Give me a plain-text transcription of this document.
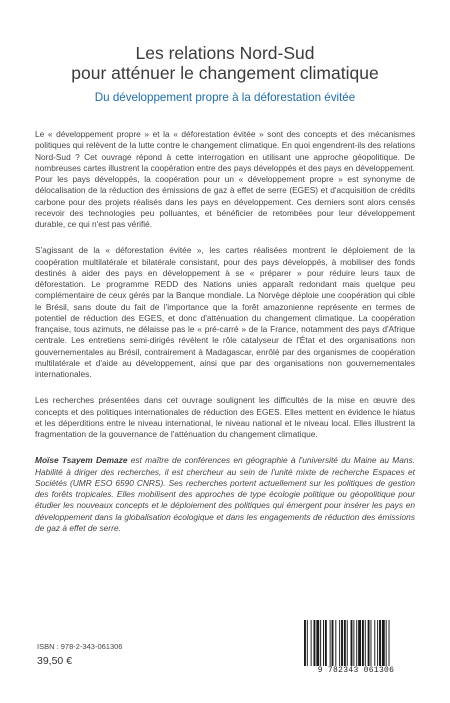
Les relations Nord-Sud
pour atténuer le changement climatique
Du développement propre à la déforestation évitée

Le « développement propre » et la « déforestation évitée » sont des concepts et des mécanismes politiques qui relèvent de la lutte contre le changement climatique. En quoi engendrent-ils des relations Nord-Sud ? Cet ouvrage répond à cette interrogation en utilisant une approche géopolitique. De nombreuses cartes illustrent la coopération entre des pays développés et des pays en développement. Pour les pays développés, la coopération pour un « développement propre » est synonyme de délocalisation de la réduction des émissions de gaz à effet de serre (EGES) et d'acquisition de crédits carbone pour des projets réalisés dans les pays en développement. Ces derniers sont alors censés recevoir des technologies peu polluantes, et bénéficier de retombées pour leur développement durable, ce qui n'est pas vérifié.

S'agissant de la « déforestation évitée », les cartes réalisées montrent le déploiement de la coopération multilatérale et bilatérale consistant, pour des pays développés, à mobiliser des fonds destinés à aider des pays en développement à se « préparer » pour réduire leurs taux de déforestation. Le programme REDD des Nations unies apparaît redondant mais quelque peu complémentaire de ceux gérés par la Banque mondiale. La Norvège déploie une coopération qui cible le Brésil, sans doute du fait de l'importance que la forêt amazonienne représente en termes de potentiel de réduction des EGES, et donc d'atténuation du changement climatique. La coopération française, tous azimuts, ne délaisse pas le « pré-carré » de la France, notamment des pays d'Afrique centrale. Les entretiens semi-dirigés révèlent le rôle catalyseur de l'État et des organisations non gouvernementales au Brésil, contrairement à Madagascar, enrôlé par des organismes de coopération multilatérale et d'aide au développement, ainsi que par des organisations non gouvernementales internationales.

Les recherches présentées dans cet ouvrage soulignent les difficultés de la mise en œuvre des concepts et des politiques internationales de réduction des EGES. Elles mettent en évidence le hiatus et les déperditions entre le niveau international, le niveau national et le niveau local. Elles illustrent la fragmentation de la gouvernance de l'atténuation du changement climatique.

Moïse Tsayem Demaze est maître de conférences en géographie à l'université du Maine au Mans. Habilité à diriger des recherches, il est chercheur au sein de l'unité mixte de recherche Espaces et Sociétés (UMR ESO 6590 CNRS). Ses recherches portent actuellement sur les politiques de gestion des forêts tropicales. Elles mobilisent des approches de type écologie politique ou géopolitique pour étudier les nouveaux concepts et le déploiement des politiques qui émergent pour insérer les pays en développement dans la globalisation écologique et dans les engagements de réduction des émissions de gaz à effet de serre.

ISBN : 978-2-343-061306
39,50 €
9 782343 061306
